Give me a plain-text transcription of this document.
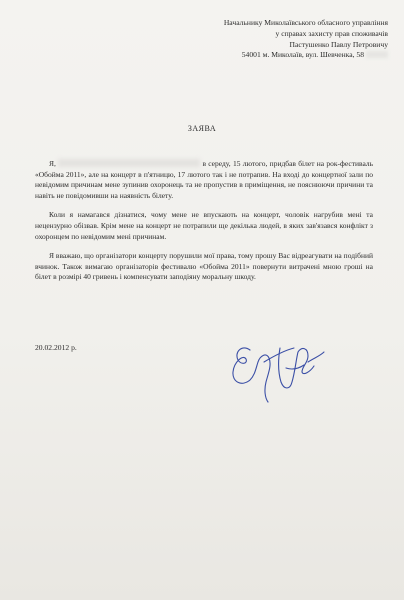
Начальнику Миколаївського обласного управління
у справах захисту прав споживачів
Пастушенко Павлу Петровичу
54001 м. Миколаїв, вул. Шевченка, 58
ЗАЯВА

Я,	в середу, 15 лютого, придбав білет на рок-фестиваль «Обойма 2011», але на концерт в п'ятницю, 17 лютого так і не потрапив. На вході до концертної зали по невідомим причинам мене зупинив охоронець та не пропустив в приміщення, не пояснюючи причини та навіть не повідомивши на наявність білету.

Коли я намагався дізнатися, чому мене не впускають на концерт, чоловік нагрубив мені та нецензурно обізвав. Крім мене на концерт не потрапили ще декілька людей, в яких зав'язався конфлікт з охоронцем по невідомим мені причинам.

Я вважаю, що організатори концерту порушили мої права, тому прошу Вас відреагувати на подібний вчинок. Також вимагаю організаторів фестивалю «Обойма 2011» повернути витрачені мною гроші на білет в розмірі 40 гривень і компенсувати заподіяну моральну шкоду.

20.02.2012 р.
